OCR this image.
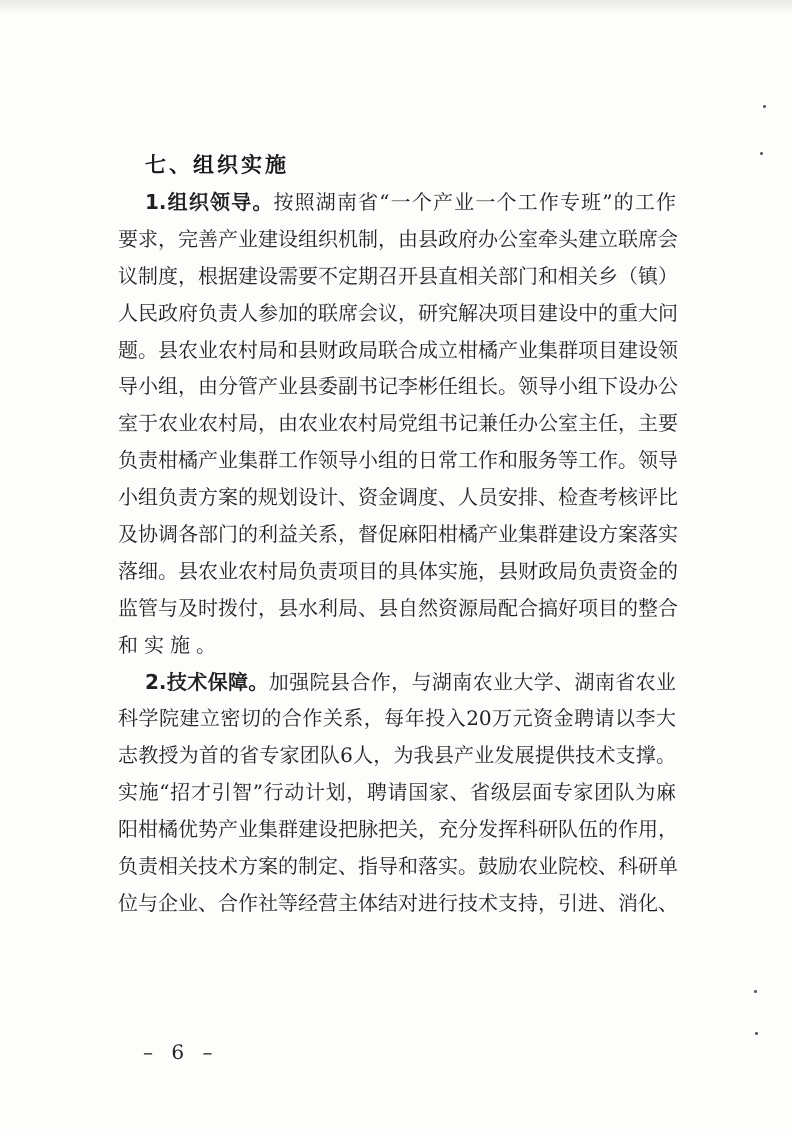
七、组织实施
1.组织领导。按照湖南省“一个产业一个工作专班”的工作
要求，完善产业建设组织机制，由县政府办公室牵头建立联席会
议制度，根据建设需要不定期召开县直相关部门和相关乡（镇）
人民政府负责人参加的联席会议，研究解决项目建设中的重大问
题。县农业农村局和县财政局联合成立柑橘产业集群项目建设领
导小组，由分管产业县委副书记李彬任组长。领导小组下设办公
室于农业农村局，由农业农村局党组书记兼任办公室主任，主要
负责柑橘产业集群工作领导小组的日常工作和服务等工作。领导
小组负责方案的规划设计、资金调度、人员安排、检查考核评比
及协调各部门的利益关系，督促麻阳柑橘产业集群建设方案落实
落细。县农业农村局负责项目的具体实施，县财政局负责资金的
监管与及时拨付，县水利局、县自然资源局配合搞好项目的整合
和实施。
2.技术保障。加强院县合作，与湖南农业大学、湖南省农业
科学院建立密切的合作关系，每年投入20万元资金聘请以李大
志教授为首的省专家团队6人，为我县产业发展提供技术支撑。
实施“招才引智”行动计划，聘请国家、省级层面专家团队为麻
阳柑橘优势产业集群建设把脉把关，充分发挥科研队伍的作用，
负责相关技术方案的制定、指导和落实。鼓励农业院校、科研单
位与企业、合作社等经营主体结对进行技术支持，引进、消化、
– 6 –
